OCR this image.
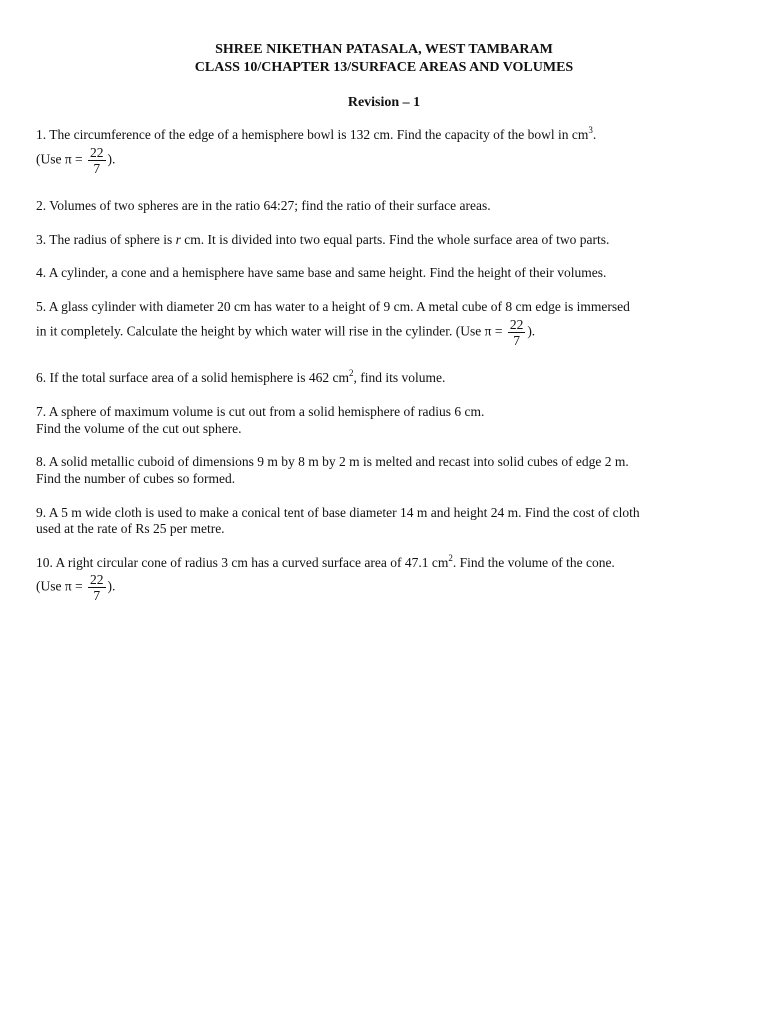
SHREE NIKETHAN PATASALA, WEST TAMBARAM
CLASS 10/CHAPTER 13/SURFACE AREAS AND VOLUMES
Revision – 1
1. The circumference of the edge of a hemisphere bowl is 132 cm. Find the capacity of the bowl in $cm^3$.
(Use $\pi = \frac{22}{7}$ ).
2. Volumes of two spheres are in the ratio 64:27; find the ratio of their surface areas.
3. The radius of sphere is r cm. It is divided into two equal parts. Find the whole surface area of two parts.
4. A cylinder, a cone and a hemisphere have same base and same height. Find the height of their volumes.
5. A glass cylinder with diameter 20 cm has water to a height of 9 cm. A metal cube of 8 cm edge is immersed
in it completely. Calculate the height by which water will rise in the cylinder. (Use $\pi = \frac{22}{7}$ ).
6. If the total surface area of a solid hemisphere is 462 $cm^2$, find its volume.
7. A sphere of maximum volume is cut out from a solid hemisphere of radius 6 cm.
Find the volume of the cut out sphere.
8. A solid metallic cuboid of dimensions 9 m by 8 m by 2 m is melted and recast into solid cubes of edge 2 m.
Find the number of cubes so formed.
9. A 5 m wide cloth is used to make a conical tent of base diameter 14 m and height 24 m. Find the cost of cloth
used at the rate of Rs 25 per metre.
10. A right circular cone of radius 3 cm has a curved surface area of 47.1 $cm^2$. Find the volume of the cone.
(Use $\pi = \frac{22}{7}$ ).
